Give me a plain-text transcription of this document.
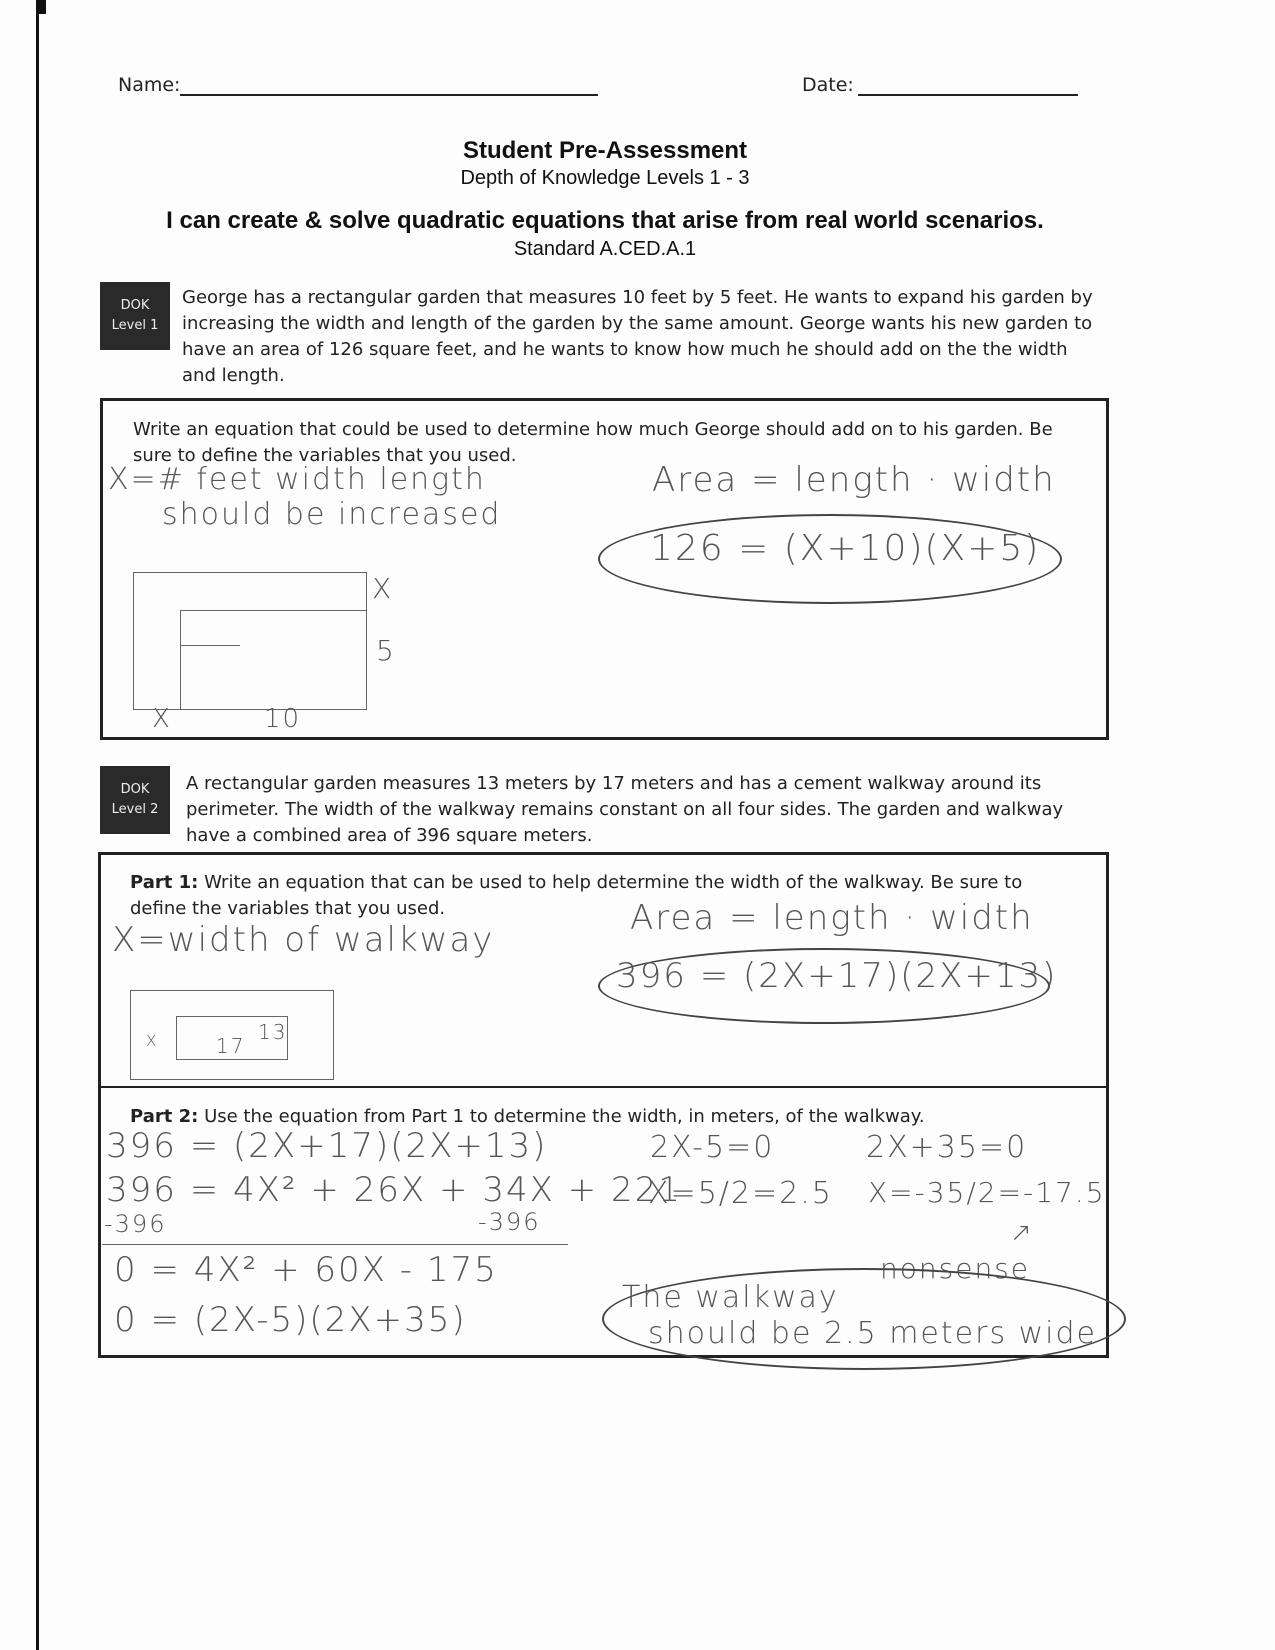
Name:	Date:
Student Pre-Assessment
Depth of Knowledge Levels 1 - 3
I can create & solve quadratic equations that arise from real world scenarios.
Standard A.CED.A.1
DOK
Level 1
George has a rectangular garden that measures 10 feet by 5 feet. He wants to expand his garden by increasing the width and length of the garden by the same amount. George wants his new garden to have an area of 126 square feet, and he wants to know how much he should add on the the width and length.
Write an equation that could be used to determine how much George should add on to his garden. Be sure to define the variables that you used.
X=# feet width length
should be increased
Area = length · width
126 = (X+10)(X+5)
X
5
X	10
DOK
Level 2
A rectangular garden measures 13 meters by 17 meters and has a cement walkway around its perimeter. The width of the walkway remains constant on all four sides. The garden and walkway have a combined area of 396 square meters.
Part 1: Write an equation that can be used to help determine the width of the walkway. Be sure to define the variables that you used.
X=width of walkway
Area = length · width
396 = (2X+17)(2X+13)
17
13
X
Part 2: Use the equation from Part 1 to determine the width, in meters, of the walkway.
396 = (2X+17)(2X+13)
396 = 4X² + 26X + 34X + 221
-396	-396
0 = 4X² + 60X - 175
0 = (2X-5)(2X+35)
2X-5=0
X=5/2=2.5
2X+35=0
X=-35/2=-17.5
↗
nonsense
The walkway
should be 2.5 meters wide
